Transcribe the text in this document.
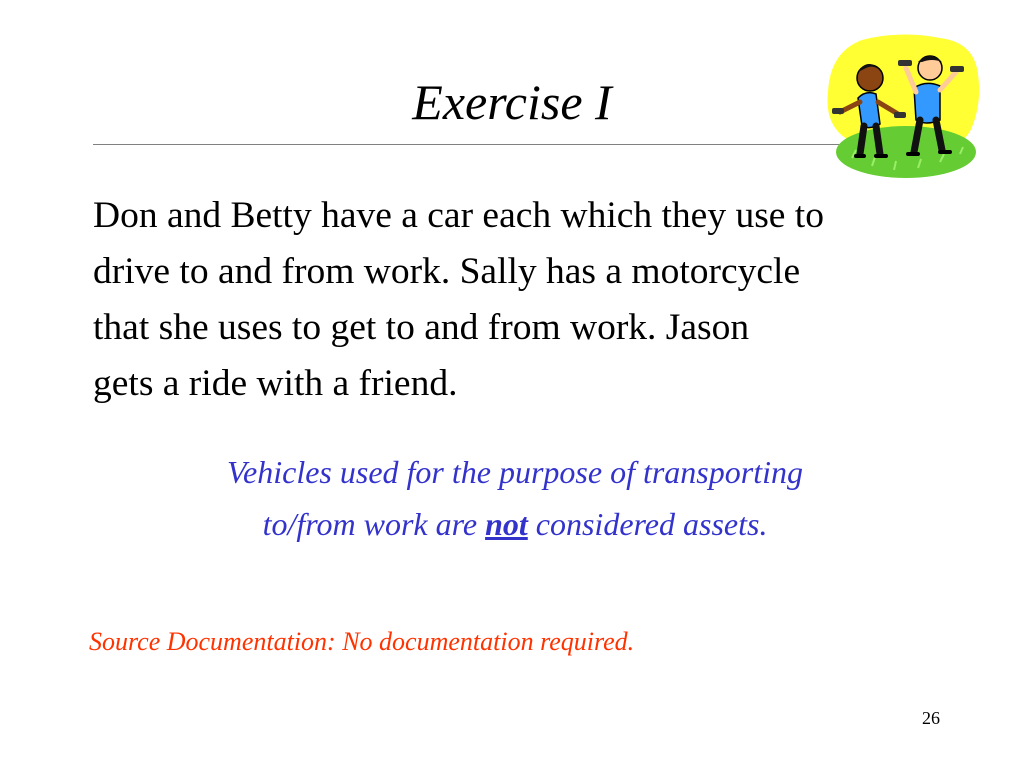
Exercise I
Don and Betty have a car each which they use to
drive to and from work. Sally has a motorcycle
that she uses to get to and from work. Jason
gets a ride with a friend.
Vehicles used for the purpose of transporting
to/from work are not considered assets.
Source Documentation: No documentation required.
26
